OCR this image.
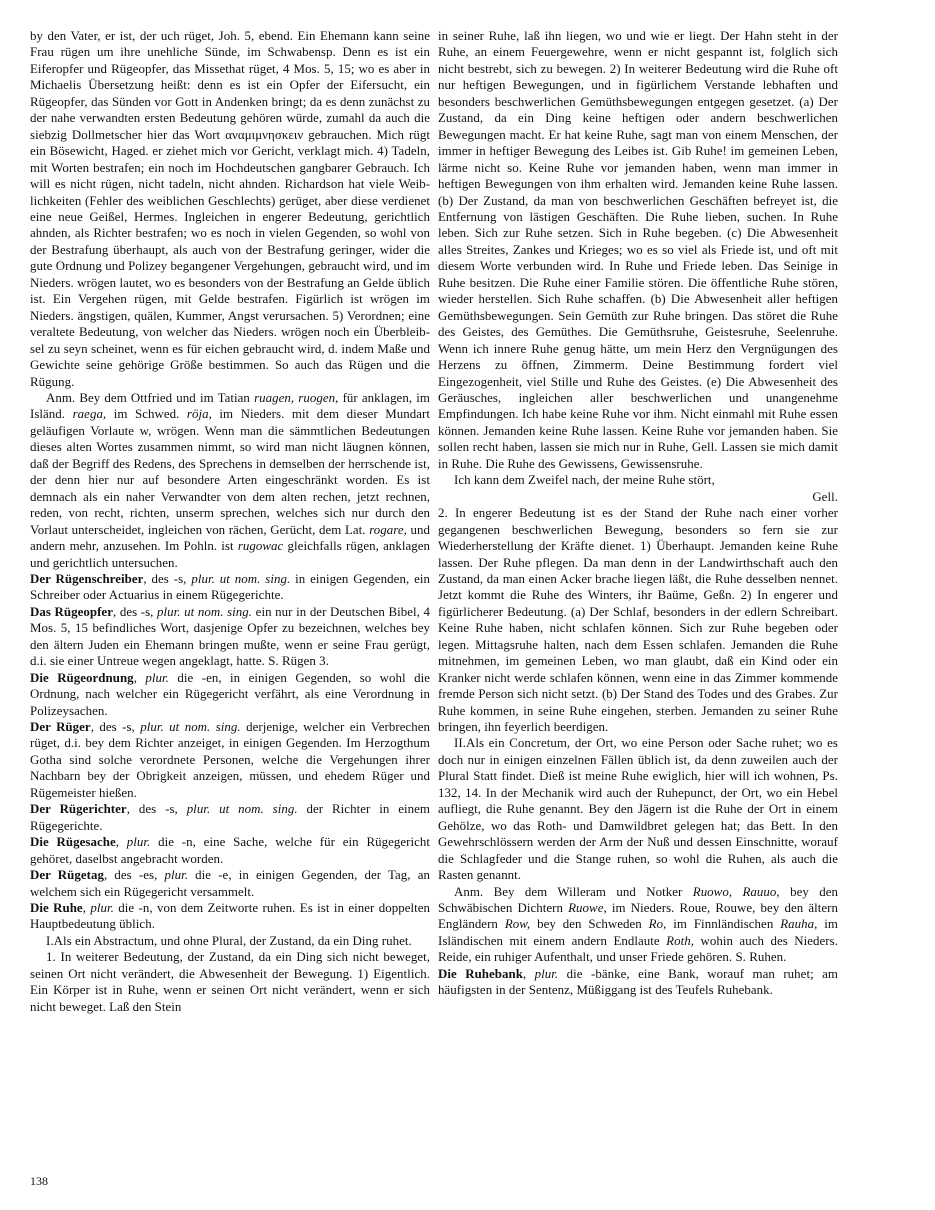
by den Vater, er ist, der uch rüget, Joh. 5, ebend. Ein Ehemann kann seine Frau rügen um ihre unehliche Sünde, im Schwabensp. Denn es ist ein Eiferopfer und Rügeopfer, das Missethat rüget, 4 Mos. 5, 15; wo es aber in Michaelis Übersetzung heißt: denn es ist ein Opfer der Eifersucht, ein Rügeopfer, das Sünden vor Gott in Andenken bringt; da es denn zunächst zu der nahe verwandten ersten Bedeutung gehören würde, zumahl da auch die siebzig Dollmetscher hier das Wort αναμιμνησκειν gebrauchen. Mich rügt ein Bösewicht, Haged. er ziehet mich vor Gericht, verklagt mich. 4) Tadeln, mit Worten bestrafen; ein noch im Hochdeutschen gangbarer Gebrauch. Ich will es nicht rügen, nicht tadeln, nicht ahnden. Richardson hat viele Weiblichkeiten (Fehler des weiblichen Geschlechts) gerüget, aber diese verdienet eine neue Geißel, Hermes. Ingleichen in engerer Bedeutung, gerichtlich ahnden, als Richter bestrafen; wo es noch in vielen Gegenden, so wohl von der Bestrafung überhaupt, als auch von der Bestrafung geringer, wider die gute Ordnung und Polizey begangener Vergehungen, gebraucht wird, und im Nieders. wrögen lautet, wo es besonders von der Bestrafung an Gelde üblich ist. Ein Vergehen rügen, mit Gelde bestrafen. Figürlich ist wrögen im Nieders. ängstigen, quälen, Kummer, Angst verursachen. 5) Verordnen; eine veraltete Bedeutung, von welcher das Nieders. wrögen noch ein Überbleibsel zu seyn scheinet, wenn es für eichen gebraucht wird, d. indem Maße und Gewichte seine gehörige Größe bestimmen. So auch das Rügen und die Rügung.

Anm. Bey dem Ottfried und im Tatian ruagen, ruogen, für anklagen, im Isländ. raega, im Schwed. röja, im Nieders. mit dem dieser Mundart geläufigen Vorlaute w, wrögen. Wenn man die sämmtlichen Bedeutungen dieses alten Wortes zusammen nimmt, so wird man nicht läugnen können, daß der Begriff des Redens, des Sprechens in demselben der herrschende ist, der denn hier nur auf besondere Arten eingeschränkt worden. Es ist demnach als ein naher Verwandter von dem alten rechen, jetzt rechnen, reden, von recht, richten, unserm sprechen, welches sich nur durch den Vorlaut unterscheidet, ingleichen von rächen, Gerücht, dem Lat. rogare, und andern mehr, anzusehen. Im Pohln. ist rugowac gleichfalls rügen, anklagen und gerichtlich untersuchen.

Der Rügenschreiber, des -s, plur. ut nom. sing. in einigen Gegenden, ein Schreiber oder Actuarius in einem Rügegerichte.

Das Rügeopfer, des -s, plur. ut nom. sing. ein nur in der Deutschen Bibel, 4 Mos. 5, 15 befindliches Wort, dasjenige Opfer zu bezeichnen, welches bey den ältern Juden ein Ehemann bringen mußte, wenn er seine Frau gerügt, d.i. sie einer Untreue wegen angeklagt, hatte. S. Rügen 3.

Die Rügeordnung, plur. die -en, in einigen Gegenden, so wohl die Ordnung, nach welcher ein Rügegericht verfährt, als eine Verordnung in Polizeysachen.

Der Rüger, des -s, plur. ut nom. sing. derjenige, welcher ein Verbrechen rüget, d.i. bey dem Richter anzeiget, in einigen Gegenden. Im Herzogthum Gotha sind solche verordnete Personen, welche die Vergehungen ihrer Nachbarn bey der Obrigkeit anzeigen, müssen, und ehedem Rüger und Rügemeister hießen.

Der Rügerichter, des -s, plur. ut nom. sing. der Richter in einem Rügegerichte.

Die Rügesache, plur. die -n, eine Sache, welche für ein Rügegericht gehöret, daselbst angebracht worden.

Der Rügetag, des -es, plur. die -e, in einigen Gegenden, der Tag, an welchem sich ein Rügegericht versammelt.

Die Ruhe, plur. die -n, von dem Zeitworte ruhen. Es ist in einer doppelten Hauptbedeutung üblich.

I.Als ein Abstractum, und ohne Plural, der Zustand, da ein Ding ruhet.

1. In weiterer Bedeutung, der Zustand, da ein Ding sich nicht beweget, seinen Ort nicht verändert, die Abwesenheit der Bewegung. 1) Eigentlich. Ein Körper ist in Ruhe, wenn er seinen Ort nicht verändert, wenn er sich nicht beweget. Laß den Stein

in seiner Ruhe, laß ihn liegen, wo und wie er liegt. Der Hahn steht in der Ruhe, an einem Feuergewehre, wenn er nicht gespannt ist, folglich sich nicht bestrebt, sich zu bewegen. 2) In weiterer Bedeutung wird die Ruhe oft nur heftigen Bewegungen, und in figürlichem Verstande lebhaften und besonders beschwerlichen Gemüthsbewegungen entgegen gesetzet. (a) Der Zustand, da ein Ding keine heftigen oder andern beschwerlichen Bewegungen macht. Er hat keine Ruhe, sagt man von einem Menschen, der immer in heftiger Bewegung des Leibes ist. Gib Ruhe! im gemeinen Leben, lärme nicht so. Keine Ruhe vor jemanden haben, wenn man immer in heftigen Bewegungen von ihm erhalten wird. Jemanden keine Ruhe lassen. (b) Der Zustand, da man von beschwerlichen Geschäften befreyet ist, die Entfernung von lästigen Geschäften. Die Ruhe lieben, suchen. In Ruhe leben. Sich zur Ruhe setzen. Sich in Ruhe begeben. (c) Die Abwesenheit alles Streites, Zankes und Krieges; wo es so viel als Friede ist, und oft mit diesem Worte verbunden wird. In Ruhe und Friede leben. Das Seinige in Ruhe besitzen. Die Ruhe einer Familie stören. Die öffentliche Ruhe stören, wieder herstellen. Sich Ruhe schaffen. (b) Die Abwesenheit aller heftigen Gemüthsbewegungen. Sein Gemüth zur Ruhe bringen. Das störet die Ruhe des Geistes, des Gemüthes. Die Gemüthsruhe, Geistesruhe, Seelenruhe. Wenn ich innere Ruhe genug hätte, um mein Herz den Vergnügungen des Herzens zu öffnen, Zimmerm. Deine Bestimmung fordert viel Eingezogenheit, viel Stille und Ruhe des Geistes. (e) Die Abwesenheit des Geräusches, ingleichen aller beschwerlichen und unangenehme Empfindungen. Ich habe keine Ruhe vor ihm. Nicht einmahl mit Ruhe essen können. Jemanden keine Ruhe lassen. Keine Ruhe vor jemanden haben. Sie sollen recht haben, lassen sie mich nur in Ruhe, Gell. Lassen sie mich damit in Ruhe. Die Ruhe des Gewissens, Gewissensruhe.

Ich kann dem Zweifel nach, der meine Ruhe stört,

Gell.

2. In engerer Bedeutung ist es der Stand der Ruhe nach einer vorher gegangenen beschwerlichen Bewegung, besonders so fern sie zur Wiederherstellung der Kräfte dienet. 1) Überhaupt. Jemanden keine Ruhe lassen. Der Ruhe pflegen. Da man denn in der Landwirthschaft auch den Zustand, da man einen Acker brache liegen läßt, die Ruhe desselben nennet. Jetzt kommt die Ruhe des Winters, ihr Baüme, Geßn. 2) In engerer und figürlicherer Bedeutung. (a) Der Schlaf, besonders in der edlern Schreibart. Keine Ruhe haben, nicht schlafen können. Sich zur Ruhe begeben oder legen. Mittagsruhe halten, nach dem Essen schlafen. Jemanden die Ruhe mitnehmen, im gemeinen Leben, wo man glaubt, daß ein Kind oder ein Kranker nicht werde schlafen können, wenn eine in das Zimmer kommende fremde Person sich nicht setzt. (b) Der Stand des Todes und des Grabes. Zur Ruhe kommen, in seine Ruhe eingehen, sterben. Jemanden zu seiner Ruhe bringen, ihn feyerlich beerdigen.

II.Als ein Concretum, der Ort, wo eine Person oder Sache ruhet; wo es doch nur in einigen einzelnen Fällen üblich ist, da denn zuweilen auch der Plural Statt findet. Dieß ist meine Ruhe ewiglich, hier will ich wohnen, Ps. 132, 14. In der Mechanik wird auch der Ruhepunct, der Ort, wo ein Hebel aufliegt, die Ruhe genannt. Bey den Jägern ist die Ruhe der Ort in einem Gehölze, wo das Roth- und Damwildbret gelegen hat; das Bett. In den Gewehrschlössern werden der Arm der Nuß und dessen Einschnitte, worauf die Schlagfeder und die Stange ruhen, so wohl die Ruhen, als auch die Rasten genannt.

Anm. Bey dem Willeram und Notker Ruowo, Rauuo, bey den Schwäbischen Dichtern Ruowe, im Nieders. Roue, Rouwe, bey den ältern Engländern Row, bey den Schweden Ro, im Finnländischen Rauha, im Isländischen mit einem andern Endlaute Roth, wohin auch des Nieders. Reide, ein ruhiger Aufenthalt, und unser Friede gehören. S. Ruhen.

Die Ruhebank, plur. die -bänke, eine Bank, worauf man ruhet; am häufigsten in der Sentenz, Müßiggang ist des Teufels Ruhebank.

138
